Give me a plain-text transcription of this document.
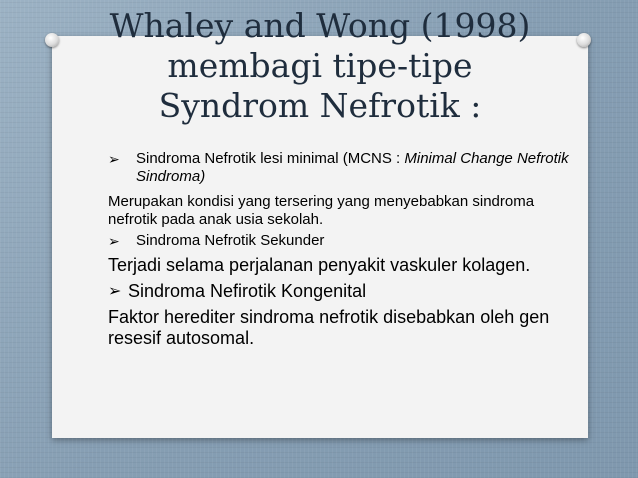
Whaley and Wong (1998) membagi tipe-tipe Syndrom Nefrotik :
➢	Sindroma Nefrotik lesi minimal (MCNS : Minimal Change Nefrotik Sindroma)

Merupakan kondisi yang tersering yang menyebabkan sindroma nefrotik pada anak usia sekolah.

➢	Sindroma Nefrotik Sekunder

Terjadi selama perjalanan penyakit vaskuler kolagen.

➢ Sindroma Nefirotik Kongenital

Faktor herediter sindroma nefrotik disebabkan oleh gen resesif autosomal.
